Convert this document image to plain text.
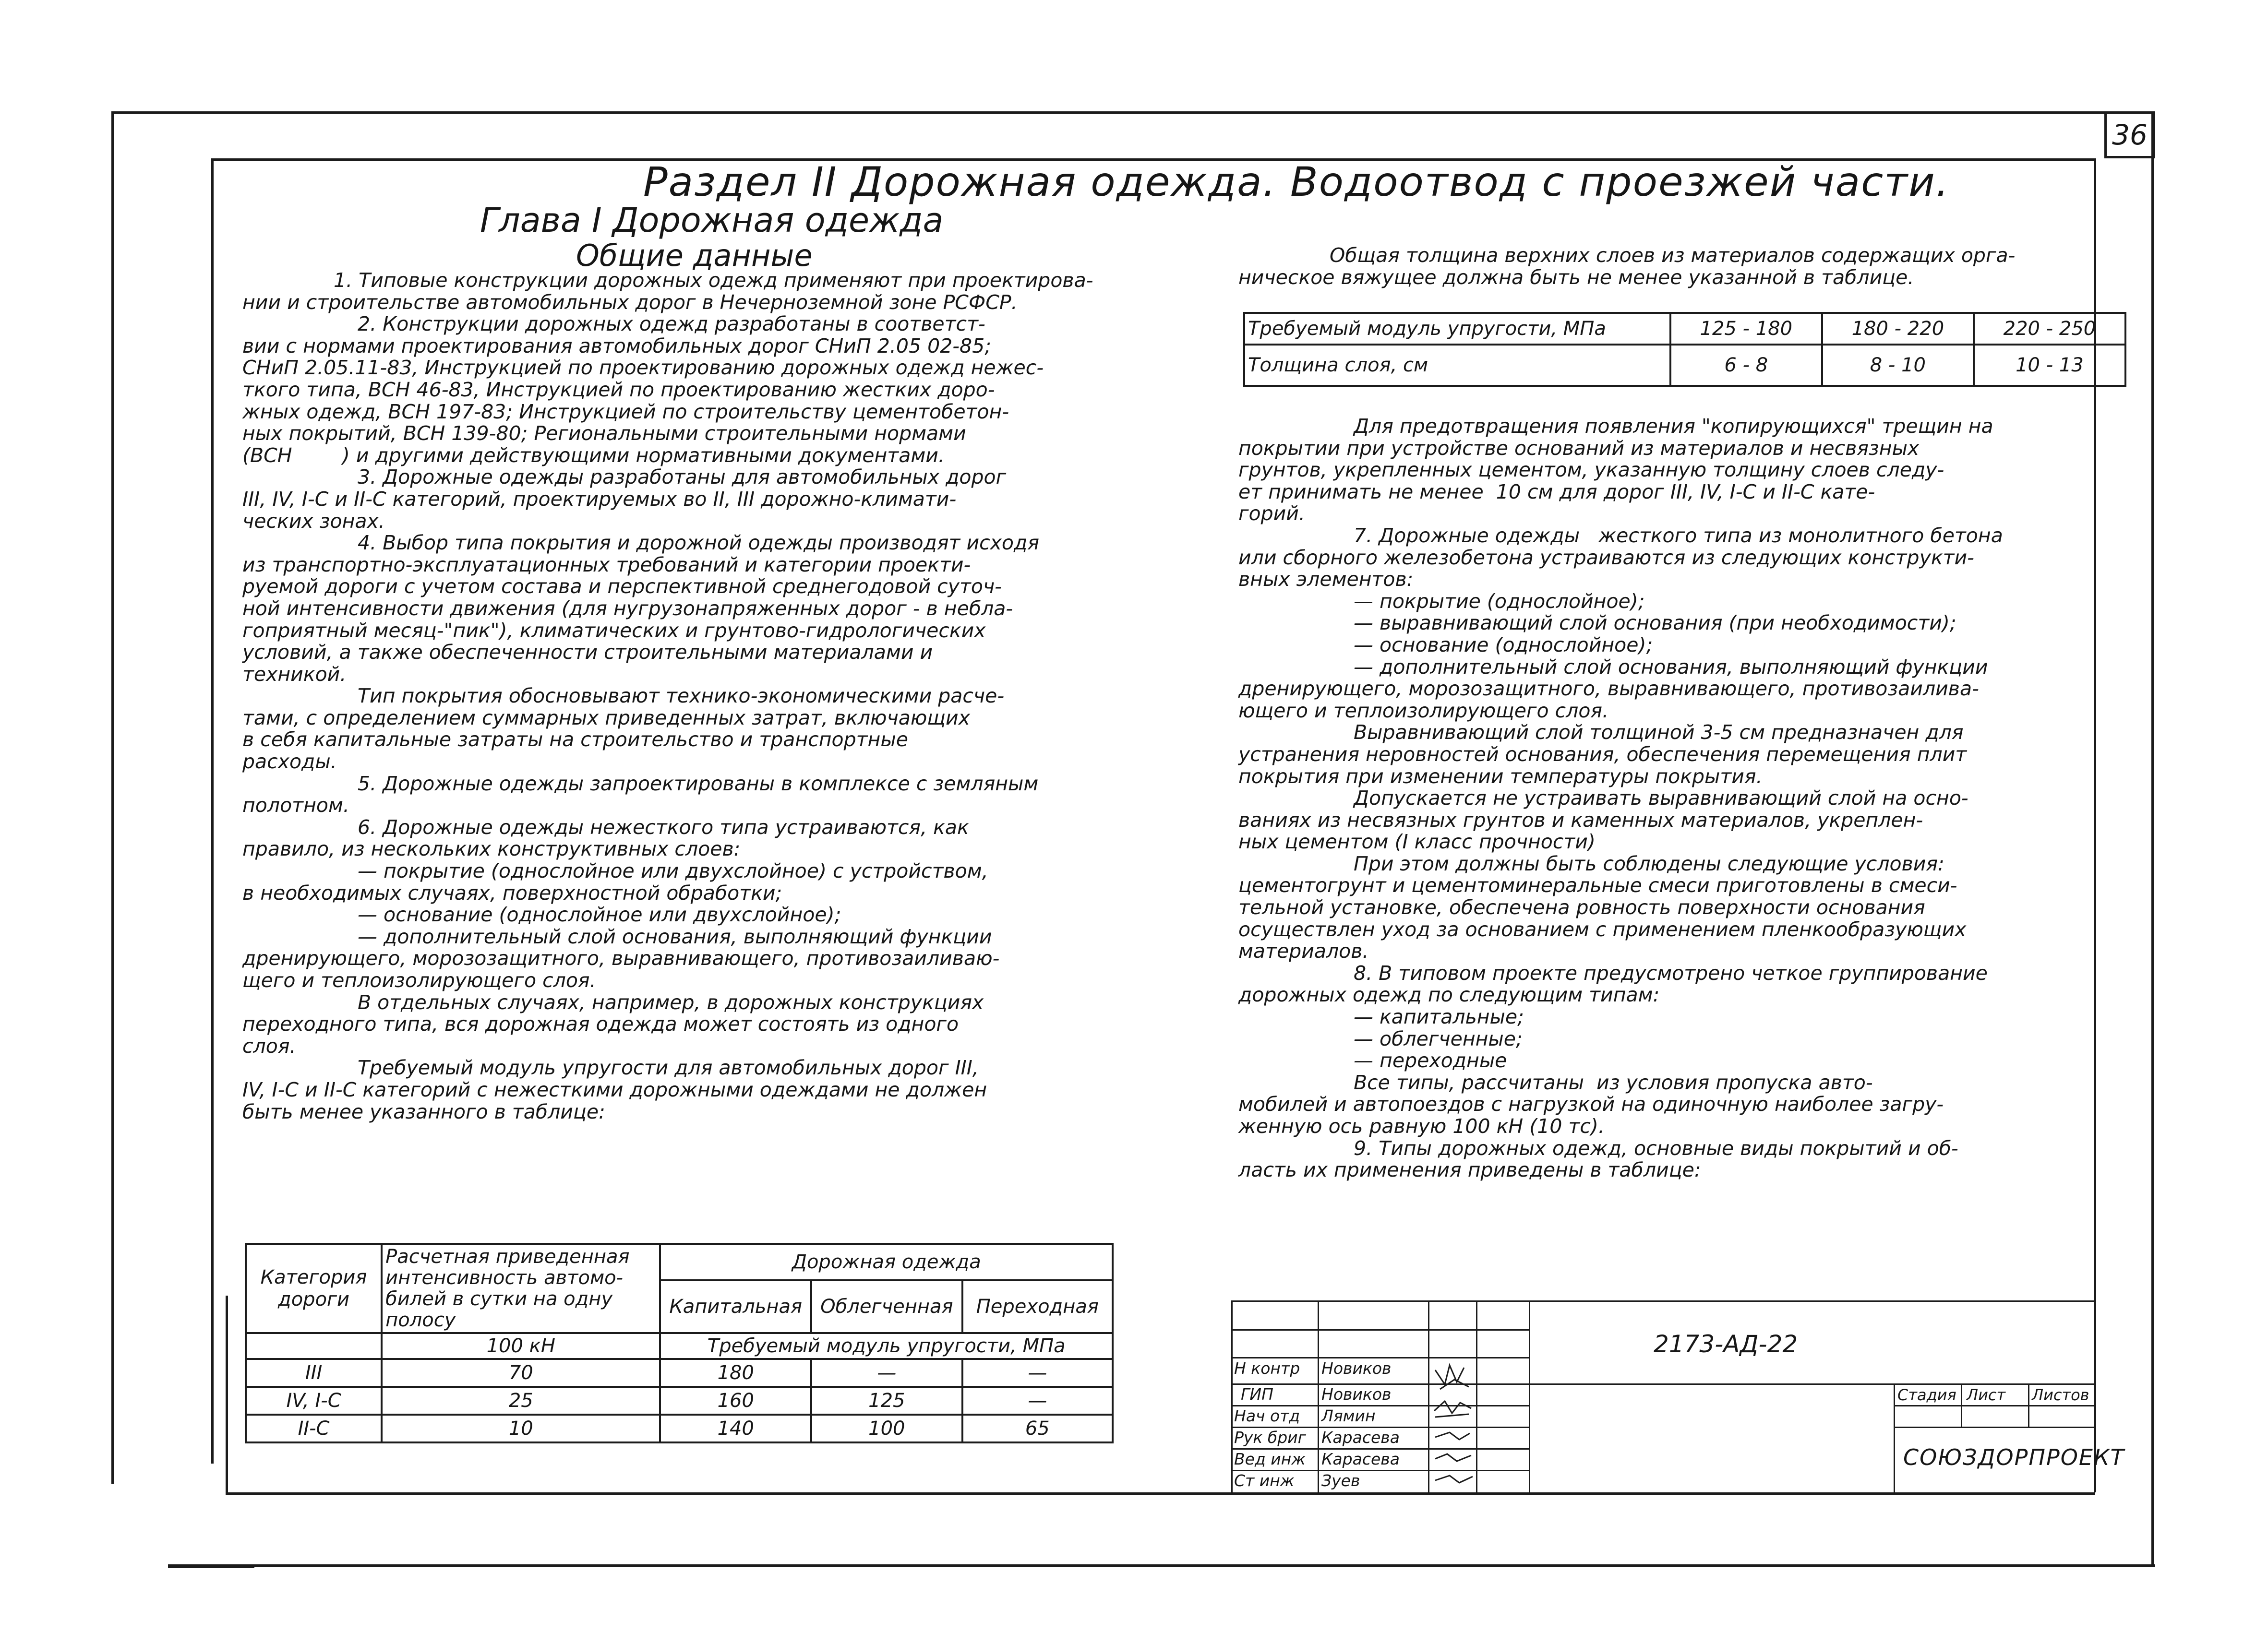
36
Раздел II Дорожная одежда. Водоотвод с проезжей части.
Глава I Дорожная одежда
Общие данные

1. Типовые конструкции дорожных одежд применяют при проектирова-

нии и строительстве автомобильных дорог в Нечерноземной зоне РСФСР.

2. Конструкции дорожных одежд разработаны в соответст-

вии с нормами проектирования автомобильных дорог СНиП 2.05 02-85;

СНиП 2.05.11-83, Инструкцией по проектированию дорожных одежд нежес-

ткого типа, ВСН 46-83, Инструкцией по проектированию жестких доро-

жных одежд, ВСН 197-83; Инструкцией по строительству цементобетон-

ных покрытий, ВСН 139-80; Региональными строительными нормами

(ВСН        ) и другими действующими нормативными документами.

3. Дорожные одежды разработаны для автомобильных дорог

III, IV, I-С и II-С категорий, проектируемых во II, III дорожно-климати-

ческих зонах.

4. Выбор типа покрытия и дорожной одежды производят исходя

из транспортно-эксплуатационных требований и категории проекти-

руемой дороги с учетом состава и перспективной среднегодовой суточ-

ной интенсивности движения (для нугрузонапряженных дорог - в небла-

гоприятный месяц-"пик"), климатических и грунтово-гидрологических

условий, а также обеспеченности строительными материалами и

техникой.

Тип покрытия обосновывают технико-экономическими расче-

тами, с определением суммарных приведенных затрат, включающих

в себя капитальные затраты на строительство и транспортные

расходы.

5. Дорожные одежды запроектированы в комплексе с земляным

полотном.

6. Дорожные одежды нежесткого типа устраиваются, как

правило, из нескольких конструктивных слоев:

— покрытие (однослойное или двухслойное) с устройством,

в необходимых случаях, поверхностной обработки;

— основание (однослойное или двухслойное);

— дополнительный слой основания, выполняющий функции

дренирующего, морозозащитного, выравнивающего, противозаиливаю-

щего и теплоизолирующего слоя.

В отдельных случаях, например, в дорожных конструкциях

переходного типа, вся дорожная одежда может состоять из одного

слоя.

Требуемый модуль упругости для автомобильных дорог III,

IV, I-С и II-С категорий с нежесткими дорожными одеждами не должен

быть менее указанного в таблице:

Категория дороги	Расчетная приведенная интенсивность автомо-билей в сутки на одну полосу	Дорожная одежда		
		Капитальная	Облегченная	Переходная
	100 кН	Требуемый модуль упругости, МПа		
III	70	180	—	—
IV, I-С	25	160	125	—
II-С	10	140	100	65

Общая толщина верхних слоев из материалов содержащих орга-

ническое вяжущее должна быть не менее указанной в таблице.

Требуемый модуль упругости, МПа	125 - 180	180 - 220	220 - 250
Толщина слоя, см	6 - 8	8 - 10	10 - 13

Для предотвращения появления "копирующихся" трещин на

покрытии при устройстве оснований из материалов и несвязных

грунтов, укрепленных цементом, указанную толщину слоев следу-

ет принимать не менее  10 см для дорог III, IV, I-С и II-С кате-

горий.

7. Дорожные одежды   жесткого типа из монолитного бетона

или сборного железобетона устраиваются из следующих конструкти-

вных элементов:

— покрытие (однослойное);

— выравнивающий слой основания (при необходимости);

— основание (однослойное);

— дополнительный слой основания, выполняющий функции

дренирующего, морозозащитного, выравнивающего, противозаилива-

ющего и теплоизолирующего слоя.

Выравнивающий слой толщиной 3-5 см предназначен для

устранения неровностей основания, обеспечения перемещения плит

покрытия при изменении температуры покрытия.

Допускается не устраивать выравнивающий слой на осно-

ваниях из несвязных грунтов и каменных материалов, укреплен-

ных цементом (I класс прочности)

При этом должны быть соблюдены следующие условия:

цементогрунт и цементоминеральные смеси приготовлены в смеси-

тельной установке, обеспечена ровность поверхности основания

осуществлен уход за основанием с применением пленкообразующих

материалов.

8. В типовом проекте предусмотрено четкое группирование

дорожных одежд по следующим типам:

— капитальные;

— облегченные;

— переходные

Все типы, рассчитаны  из условия пропуска авто-

мобилей и автопоездов с нагрузкой на одиночную наиболее загру-

женную ось равную 100 кН (10 тс).

9. Типы дорожных одежд, основные виды покрытий и об-

ласть их применения приведены в таблице:

2173-АД-22
Стадия Лист Листов
СОЮЗДОРПРОЕКТ
Н контр Новиков
ГИП	Новиков
Нач отд Лямин
Рук бриг Карасева
Вед инж Карасева
Ст инж Зуев
